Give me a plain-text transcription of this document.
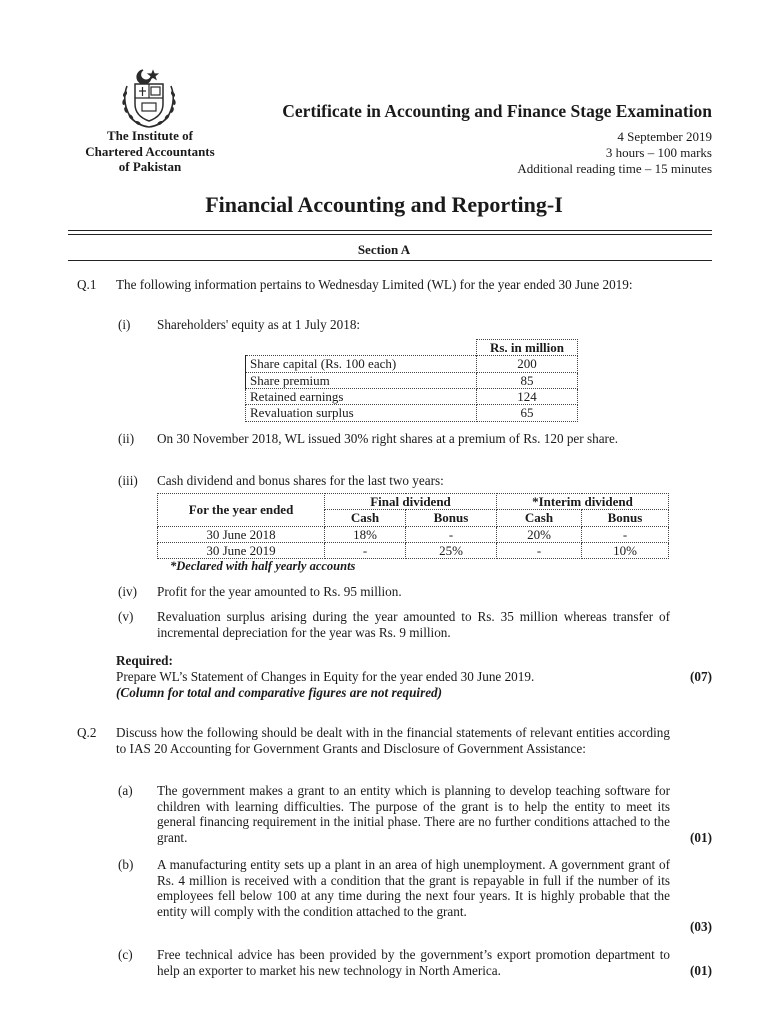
The Institute of
Chartered Accountants
of Pakistan
Certificate in Accounting and Finance Stage Examination
4 September 2019
3 hours – 100 marks
Additional reading time – 15 minutes
Financial Accounting and Reporting-I
Section A
Q.1 The following information pertains to Wednesday Limited (WL) for the year ended 30 June 2019:
(i) Shareholders' equity as at 1 July 2018:
	Rs. in million
Share capital (Rs. 100 each)	200
Share premium	85
Retained earnings	124
Revaluation surplus	65
(ii) On 30 November 2018, WL issued 30% right shares at a premium of Rs. 120 per share.
(iii) Cash dividend and bonus shares for the last two years:
For the year ended	Final dividend		*Interim dividend	
	Cash	Bonus	Cash	Bonus
30 June 2018	18%	-	20%	-
30 June 2019	-	25%	-	10%
*Declared with half yearly accounts
(iv) Profit for the year amounted to Rs. 95 million.
(v) Revaluation surplus arising during the year amounted to Rs. 35 million whereas transfer of incremental depreciation for the year was Rs. 9 million.
Required:
Prepare WL’s Statement of Changes in Equity for the year ended 30 June 2019.
(Column for total and comparative figures are not required)
(07)
Q.2 Discuss how the following should be dealt with in the financial statements of relevant entities according to IAS 20 Accounting for Government Grants and Disclosure of Government Assistance:
(a) The government makes a grant to an entity which is planning to develop teaching software for children with learning difficulties. The purpose of the grant is to help the entity to meet its general financing requirement in the initial phase. There are no further conditions attached to the grant.	(01)
(b) A manufacturing entity sets up a plant in an area of high unemployment. A government grant of Rs. 4 million is received with a condition that the grant is repayable in full if the number of its employees fell below 100 at any time during the next four years. It is highly probable that the entity will comply with the condition attached to the grant.
(03)
(c) Free technical advice has been provided by the government’s export promotion department to help an exporter to market his new technology in North America.	(01)
